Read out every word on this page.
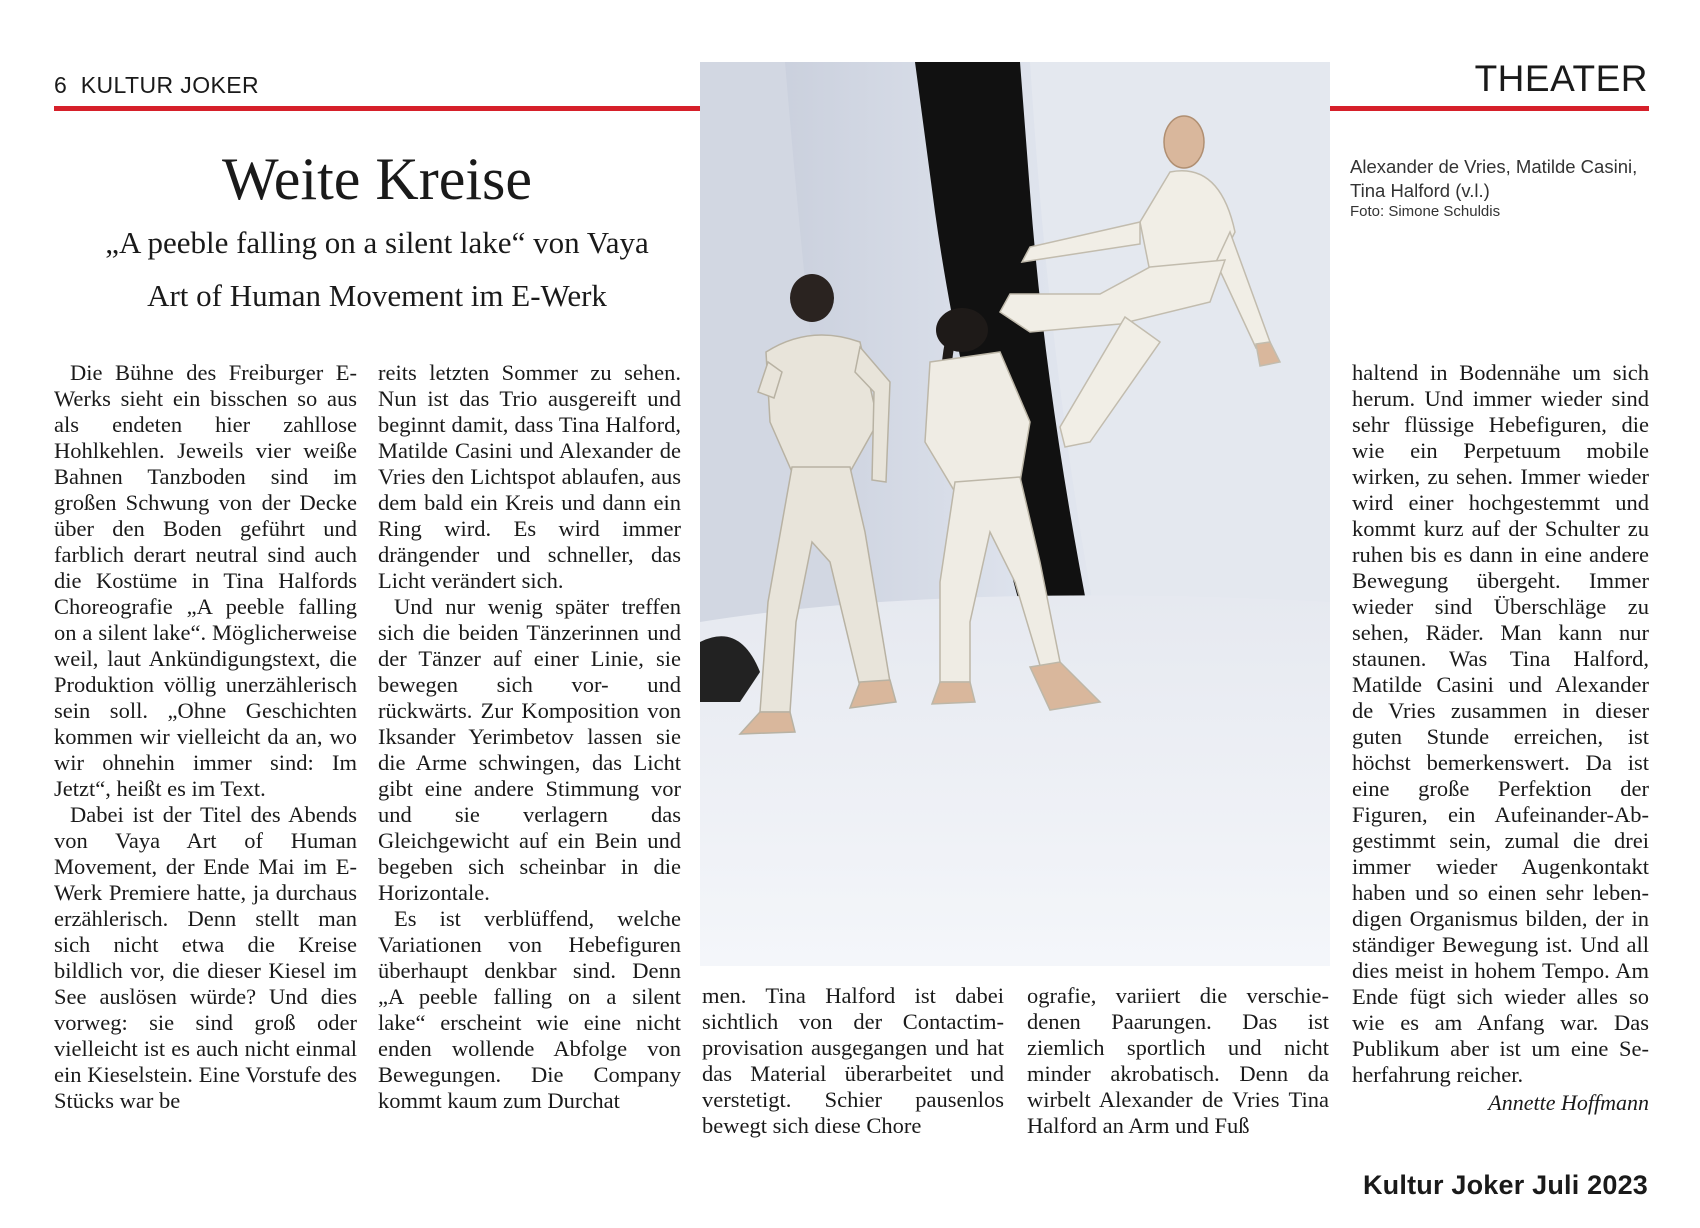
6 KULTUR JOKER	THEATER
Weite Kreise
„A peeble falling on a silent lake“ von Vaya
Art of Human Movement im E-Werk
Alexander de Vries, Matilde Casini, Tina Halford (v.l.)
Foto: Simone Schuldis

Die Bühne des Freiburger E-Werks sieht ein bisschen so aus als endeten hier zahllose Hohlkehlen. Jeweils vier weiße Bahnen Tanzboden sind im großen Schwung von der Decke über den Boden geführt und farblich derart neutral sind auch die Kostüme in Tina Halfords Choreografie „A peeble falling on a silent lake“. Möglicherweise weil, laut Ankündigungstext, die Produktion völlig unerzählerisch sein soll. „Ohne Geschichten kommen wir vielleicht da an, wo wir ohnehin immer sind: Im Jetzt“, heißt es im Text.

Dabei ist der Titel des Abends von Vaya Art of Human Movement, der Ende Mai im E-Werk Premiere hatte, ja durchaus erzählerisch. Denn stellt man sich nicht etwa die Kreise bildlich vor, die dieser Kiesel im See auslösen würde? Und dies vorweg: sie sind groß oder vielleicht ist es auch nicht einmal ein Kieselstein. Eine Vorstufe des Stücks war be

reits letzten Sommer zu sehen. Nun ist das Trio ausgereift und beginnt damit, dass Tina Halford, Matilde Casini und Alexander de Vries den Lichtspot ablaufen, aus dem bald ein Kreis und dann ein Ring wird. Es wird immer drängender und schneller, das Licht verändert sich.

Und nur wenig später treffen sich die beiden Tänzerinnen und der Tänzer auf einer Linie, sie bewegen sich vor- und rückwärts. Zur Komposition von Iksander Yerimbetov lassen sie die Arme schwingen, das Licht gibt eine andere Stimmung vor und sie verlagern das Gleichgewicht auf ein Bein und begeben sich scheinbar in die Horizontale.

Es ist verblüffend, welche Variationen von Hebefiguren überhaupt denkbar sind. Denn „A peeble falling on a silent lake“ erscheint wie eine nicht enden wollende Abfolge von Bewegungen. Die Company kommt kaum zum Durchat

men. Tina Halford ist dabei sichtlich von der Contactimprovisation ausgegangen und hat das Material überarbeitet und verstetigt. Schier pausenlos bewegt sich diese Chore

ografie, variiert die verschiedenen Paarungen. Das ist ziemlich sportlich und nicht minder akrobatisch. Denn da wirbelt Alexander de Vries Tina Halford an Arm und Fuß

haltend in Bodennähe um sich herum. Und immer wieder sind sehr flüssige Hebefiguren, die wie ein Perpetuum mobile wirken, zu sehen. Immer wieder wird einer hochgestemmt und kommt kurz auf der Schulter zu ruhen bis es dann in eine andere Bewegung übergeht. Immer wieder sind Überschläge zu sehen, Räder. Man kann nur staunen. Was Tina Halford, Matilde Casini und Alexander de Vries zusammen in dieser guten Stunde erreichen, ist höchst bemerkenswert. Da ist eine große Perfektion der Figuren, ein Aufeinander-Abgestimmt sein, zumal die drei immer wieder Augenkontakt haben und so einen sehr lebendigen Organismus bilden, der in ständiger Bewegung ist. Und all dies meist in hohem Tempo. Am Ende fügt sich wieder alles so wie es am Anfang war. Das Publikum aber ist um eine Seherfahrung reicher.

Annette Hoffmann
Kultur Joker Juli 2023
